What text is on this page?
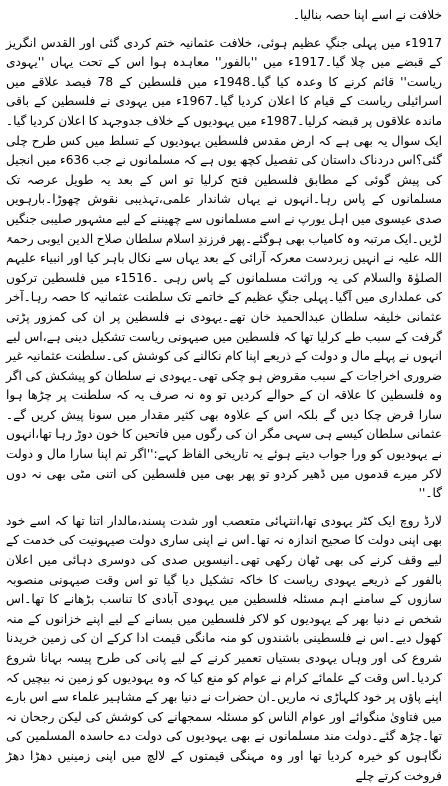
خلافت نے اسے اپنا حصہ بنالیا۔

1917ء میں پہلی جنگِ عظیم ہوئی، خلافت عثمانیہ ختم کردی گئی اور القدس انگریز کے قبضے میں چلا گیا۔1917ء میں ''بالفور'' معاہدہ ہوا اس کے تحت یہاں ''یہودی ریاست'' قائم کرنے کا وعدہ کیا گیا۔1948ء میں فلسطین کے 78 فیصد علاقے میں اسرائیلی ریاست کے قیام کا اعلان کردیا گیا۔1967ء میں یہودی نے فلسطین کے باقی ماندہ علاقوں پر قبضہ کرلیا۔1987ء میں یہودیوں کے خلاف جدوجہد کا اعلان کردیا گیا۔ایک سوال یہ بھی ہے کہ ارض مقدس فلسطین یہودیوں کے تسلط میں کس طرح چلی گئی؟اس دردناک داستان کی تفصیل کچھ یوں ہے کہ مسلمانوں نے جب 636ء میں انجیل کی پیش گوئی کے مطابق فلسطین فتح کرلیا تو اس کے بعد یہ طویل عرصہ تک مسلمانوں کے پاس رہا۔انہوں نے یہاں شاندار علمی،تہذیبی نقوش چھوڑا۔بارہویں صدی عیسوی میں اہل یورپ نے اسے مسلمانوں سے چھیننے کے لیے مشہور صلیبی جنگیں لڑیں۔ایک مرتبہ وہ کامیاب بھی ہوگئے۔پھر فرزندِ اسلام سلطان صلاح الدین ایوبی رحمۃ اللہ علیہ نے انہیں زبردست معرکہ آرائی کے بعد یہاں سے نکال باہر کیا اور انبیاء علیہم الصلوٰۃ والسلام کی یہ وراثت مسلمانوں کے پاس رہی ۔1516ء میں فلسطین ترکوں کی عملداری میں آگیا۔پہلی جنگِ عظیم کے خاتمے تک سلطنت عثمانیہ کا حصہ رہا۔آخر عثمانی خلیفہ سلطان عبدالحمید خان تھے۔یہودی نے فلسطین پر ان کی کمزور پڑتی گرفت کے سبب طے کرلیا تھا کہ فلسطین میں صیہونی ریاست تشکیل دینی ہے،اس لیے انہوں نے پہلے مال و دولت کے ذریعے اپنا کام نکالنے کی کوشش کی۔سلطنت عثمانیہ غیر ضروری اخراجات کے سبب مقروض ہو چکی تھی۔یہودی نے سلطان کو پیشکش کی اگر وہ فلسطین کا علاقہ ان کے حوالے کردیں تو وہ نہ صرف یہ کہ سلطنت پر چڑھا ہوا سارا قرض چکا دیں گے بلکہ اس کے علاوہ بھی کثیر مقدار میں سونا پیش کریں گے۔عثمانی سلطان کیسے ہی سہی مگر ان کی رگوں میں فاتحین کا خون دوڑ رہا تھا،انہوں نے یہودیوں کو ورا جواب دیتے ہوئے یہ تاریخی الفاظ کہے:''اگر تم اپنا سارا مال و دولت لاکر میرے قدموں میں ڈھیر کردو تو پھر بھی میں فلسطین کی اتنی مٹی بھی نہ دوں گا۔''

لارڈ روچ ایک کٹر یہودی تھا،انتہائی متعصب اور شدت پسند،مالدار اتنا تھا کہ اسے خود بھی اپنی دولت کا صحیح اندازہ نہ تھا۔اس نے اپنی ساری دولت صیہونیت کی خدمت کے لیے وقف کرنے کی بھی ٹھان رکھی تھی۔انیسویں صدی کی دوسری دہائی میں اعلان بالفور کے ذریعے یہودی ریاست کا خاکہ تشکیل دیا گیا تو اس وقت صیہونی منصوبہ سازوں کے سامنے اہم مسئلہ فلسطین میں یہودی آبادی کا تناسب بڑھانے کا تھا۔اس شخص نے دنیا بھر کے یہودیوں کو لاکر فلسطین میں بسانے کے لیے اپنے خزانوں کے منہ کھول دیے۔اس نے فلسطینی باشندوں کو منہ مانگی قیمت ادا کرکے ان کی زمین خریدنا شروع کی اور وہاں یہودی بستیاں تعمیر کرنے کے لیے پانی کی طرح پیسہ بہانا شروع کردیا۔اس وقت کے علمائے کرام نے عوام کو منع کیا کہ وہ یہودیوں کو زمین نہ بیچیں کہ اپنے پاؤں پر خود کلہاڑی نہ ماریں۔ان حضرات نے دنیا بھر کے مشاہیر علماء سے اس بارے میں فتاویٰ منگوائے اور عوام الناس کو مسئلہ سمجھانے کی کوشش کی لیکن رجحان نہ تھا۔چڑھ گئے۔دولت مند مسلمانوں نے بھی یہودیوں کی دولت دے حاسدہ المسلمین کی نگاہوں کو خیرہ کردیا تھا اور وہ مہنگی قیمتوں کے لالچ میں اپنی زمینیں دھڑا دھڑ فروخت کرتے چلے
